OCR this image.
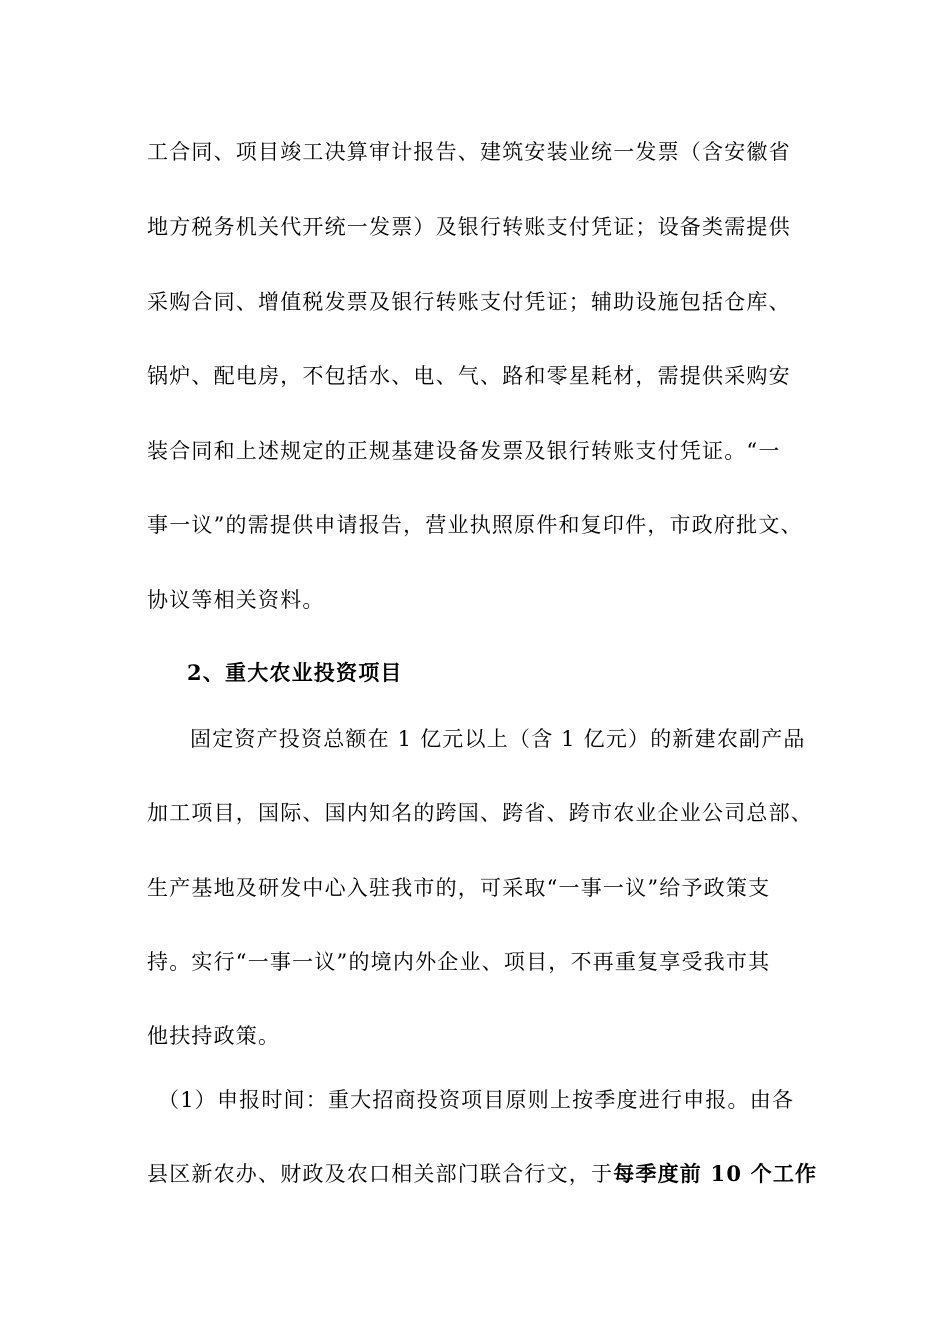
工合同、项目竣工决算审计报告、建筑安装业统一发票（含安徽省
地方税务机关代开统一发票）及银行转账支付凭证；设备类需提供
采购合同、增值税发票及银行转账支付凭证；辅助设施包括仓库、
锅炉、配电房，不包括水、电、气、路和零星耗材，需提供采购安
装合同和上述规定的正规基建设备发票及银行转账支付凭证。“一
事一议”的需提供申请报告，营业执照原件和复印件，市政府批文、
协议等相关资料。
2、重大农业投资项目
固定资产投资总额在 1 亿元以上（含 1 亿元）的新建农副产品
加工项目，国际、国内知名的跨国、跨省、跨市农业企业公司总部、
生产基地及研发中心入驻我市的，可采取“一事一议”给予政策支
持。实行“一事一议”的境内外企业、项目，不再重复享受我市其
他扶持政策。
（1）申报时间：重大招商投资项目原则上按季度进行申报。由各
县区新农办、财政及农口相关部门联合行文，于每季度前 10 个工作
